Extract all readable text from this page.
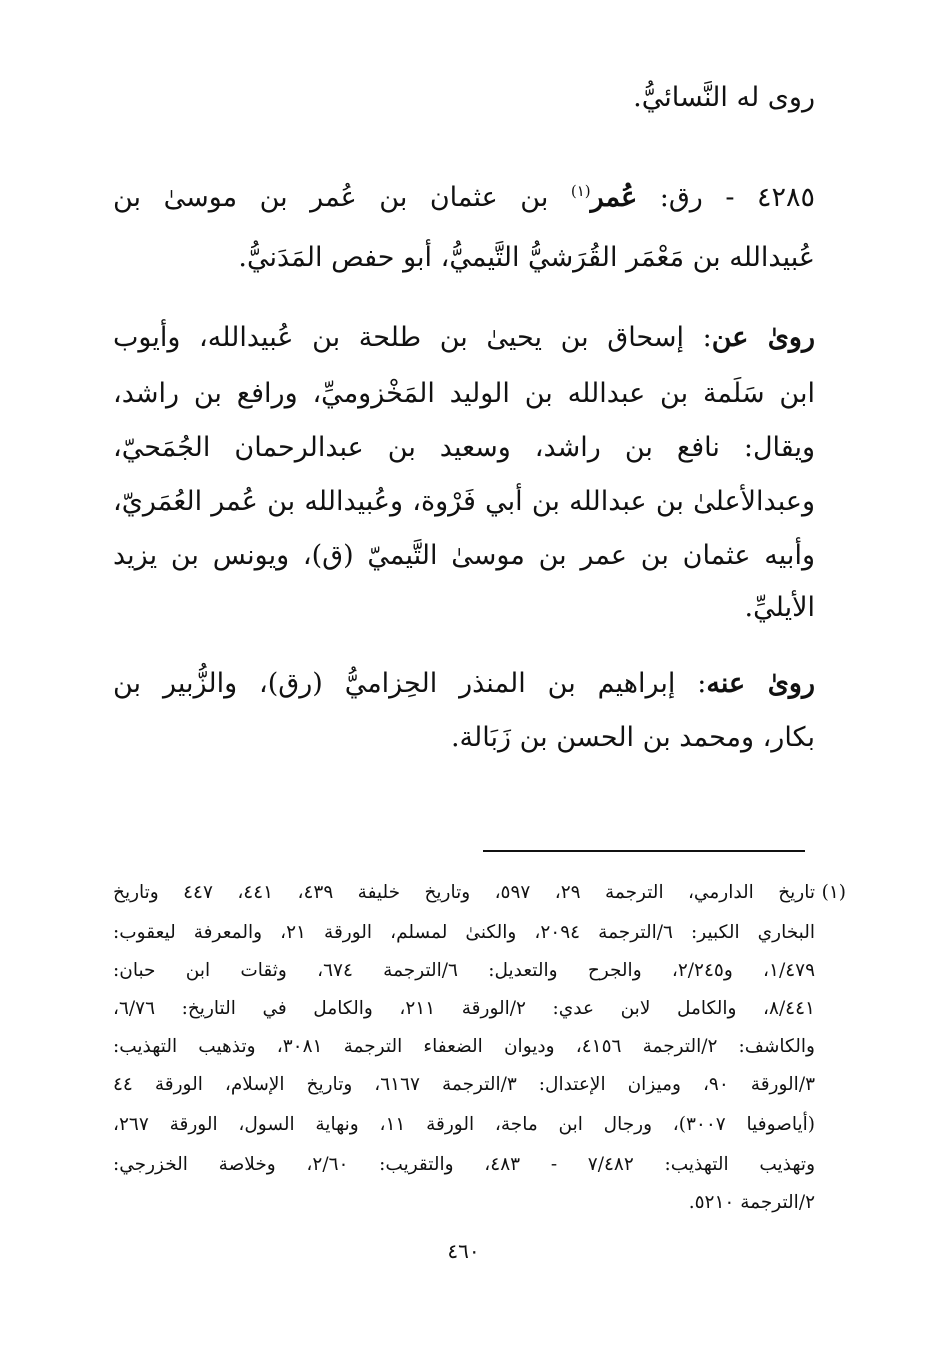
روى له النَّسائيُّ.
٤٢٨٥ - رق: عُمر$^{(١)}$ بن عثمان بن عُمر بن موسىٰ بن
عُبيدالله بن مَعْمَر القُرَشيُّ التَّيميُّ، أبو حفص المَدَنيُّ.
روىٰ عن: إسحاق بن يحيىٰ بن طلحة بن عُبيدالله، وأيوب
ابن سَلَمة بن عبدالله بن الوليد المَخْزوميِّ، ورافع بن راشد،
ويقال: نافع بن راشد، وسعيد بن عبدالرحمان الجُمَحيّ،
وعبدالأعلىٰ بن عبدالله بن أبي فَرْوة، وعُبيدالله بن عُمر العُمَريّ،
وأبيه عثمان بن عمر بن موسىٰ التَّيميّ (ق)، ويونس بن يزيد
الأيليِّ.
روىٰ عنه: إبراهيم بن المنذر الحِزاميُّ (رق)، والزُّبير بن
بكار، ومحمد بن الحسن بن زَبَالة.
(١)
تاريخ الدارمي، الترجمة ٢٩، ٥٩٧، وتاريخ خليفة ٤٣٩، ٤٤١، ٤٤٧ وتاريخ
البخاري الكبير: ٦/الترجمة ٢٠٩٤، والكنىٰ لمسلم، الورقة ٢١، والمعرفة ليعقوب:
١/٤٧٩، و٢/٢٤٥، والجرح والتعديل: ٦/الترجمة ٦٧٤، وثقات ابن حبان:
٨/٤٤١، والكامل لابن عدي: ٢/الورقة ٢١١، والكامل في التاريخ: ٦/٧٦،
والكاشف: ٢/الترجمة ٤١٥٦، وديوان الضعفاء الترجمة ٣٠٨١، وتذهيب التهذيب:
٣/الورقة ٩٠، وميزان الإعتدال: ٣/الترجمة ٦١٦٧، وتاريخ الإسلام، الورقة ٤٤
(أياصوفيا ٣٠٠٧)، ورجال ابن ماجة، الورقة ١١، ونهاية السول، الورقة ٢٦٧،
وتهذيب التهذيب: ٧/٤٨٢ - ٤٨٣، والتقريب: ٢/٦٠، وخلاصة الخزرجي:
٢/الترجمة ٥٢١٠.
٤٦٠
